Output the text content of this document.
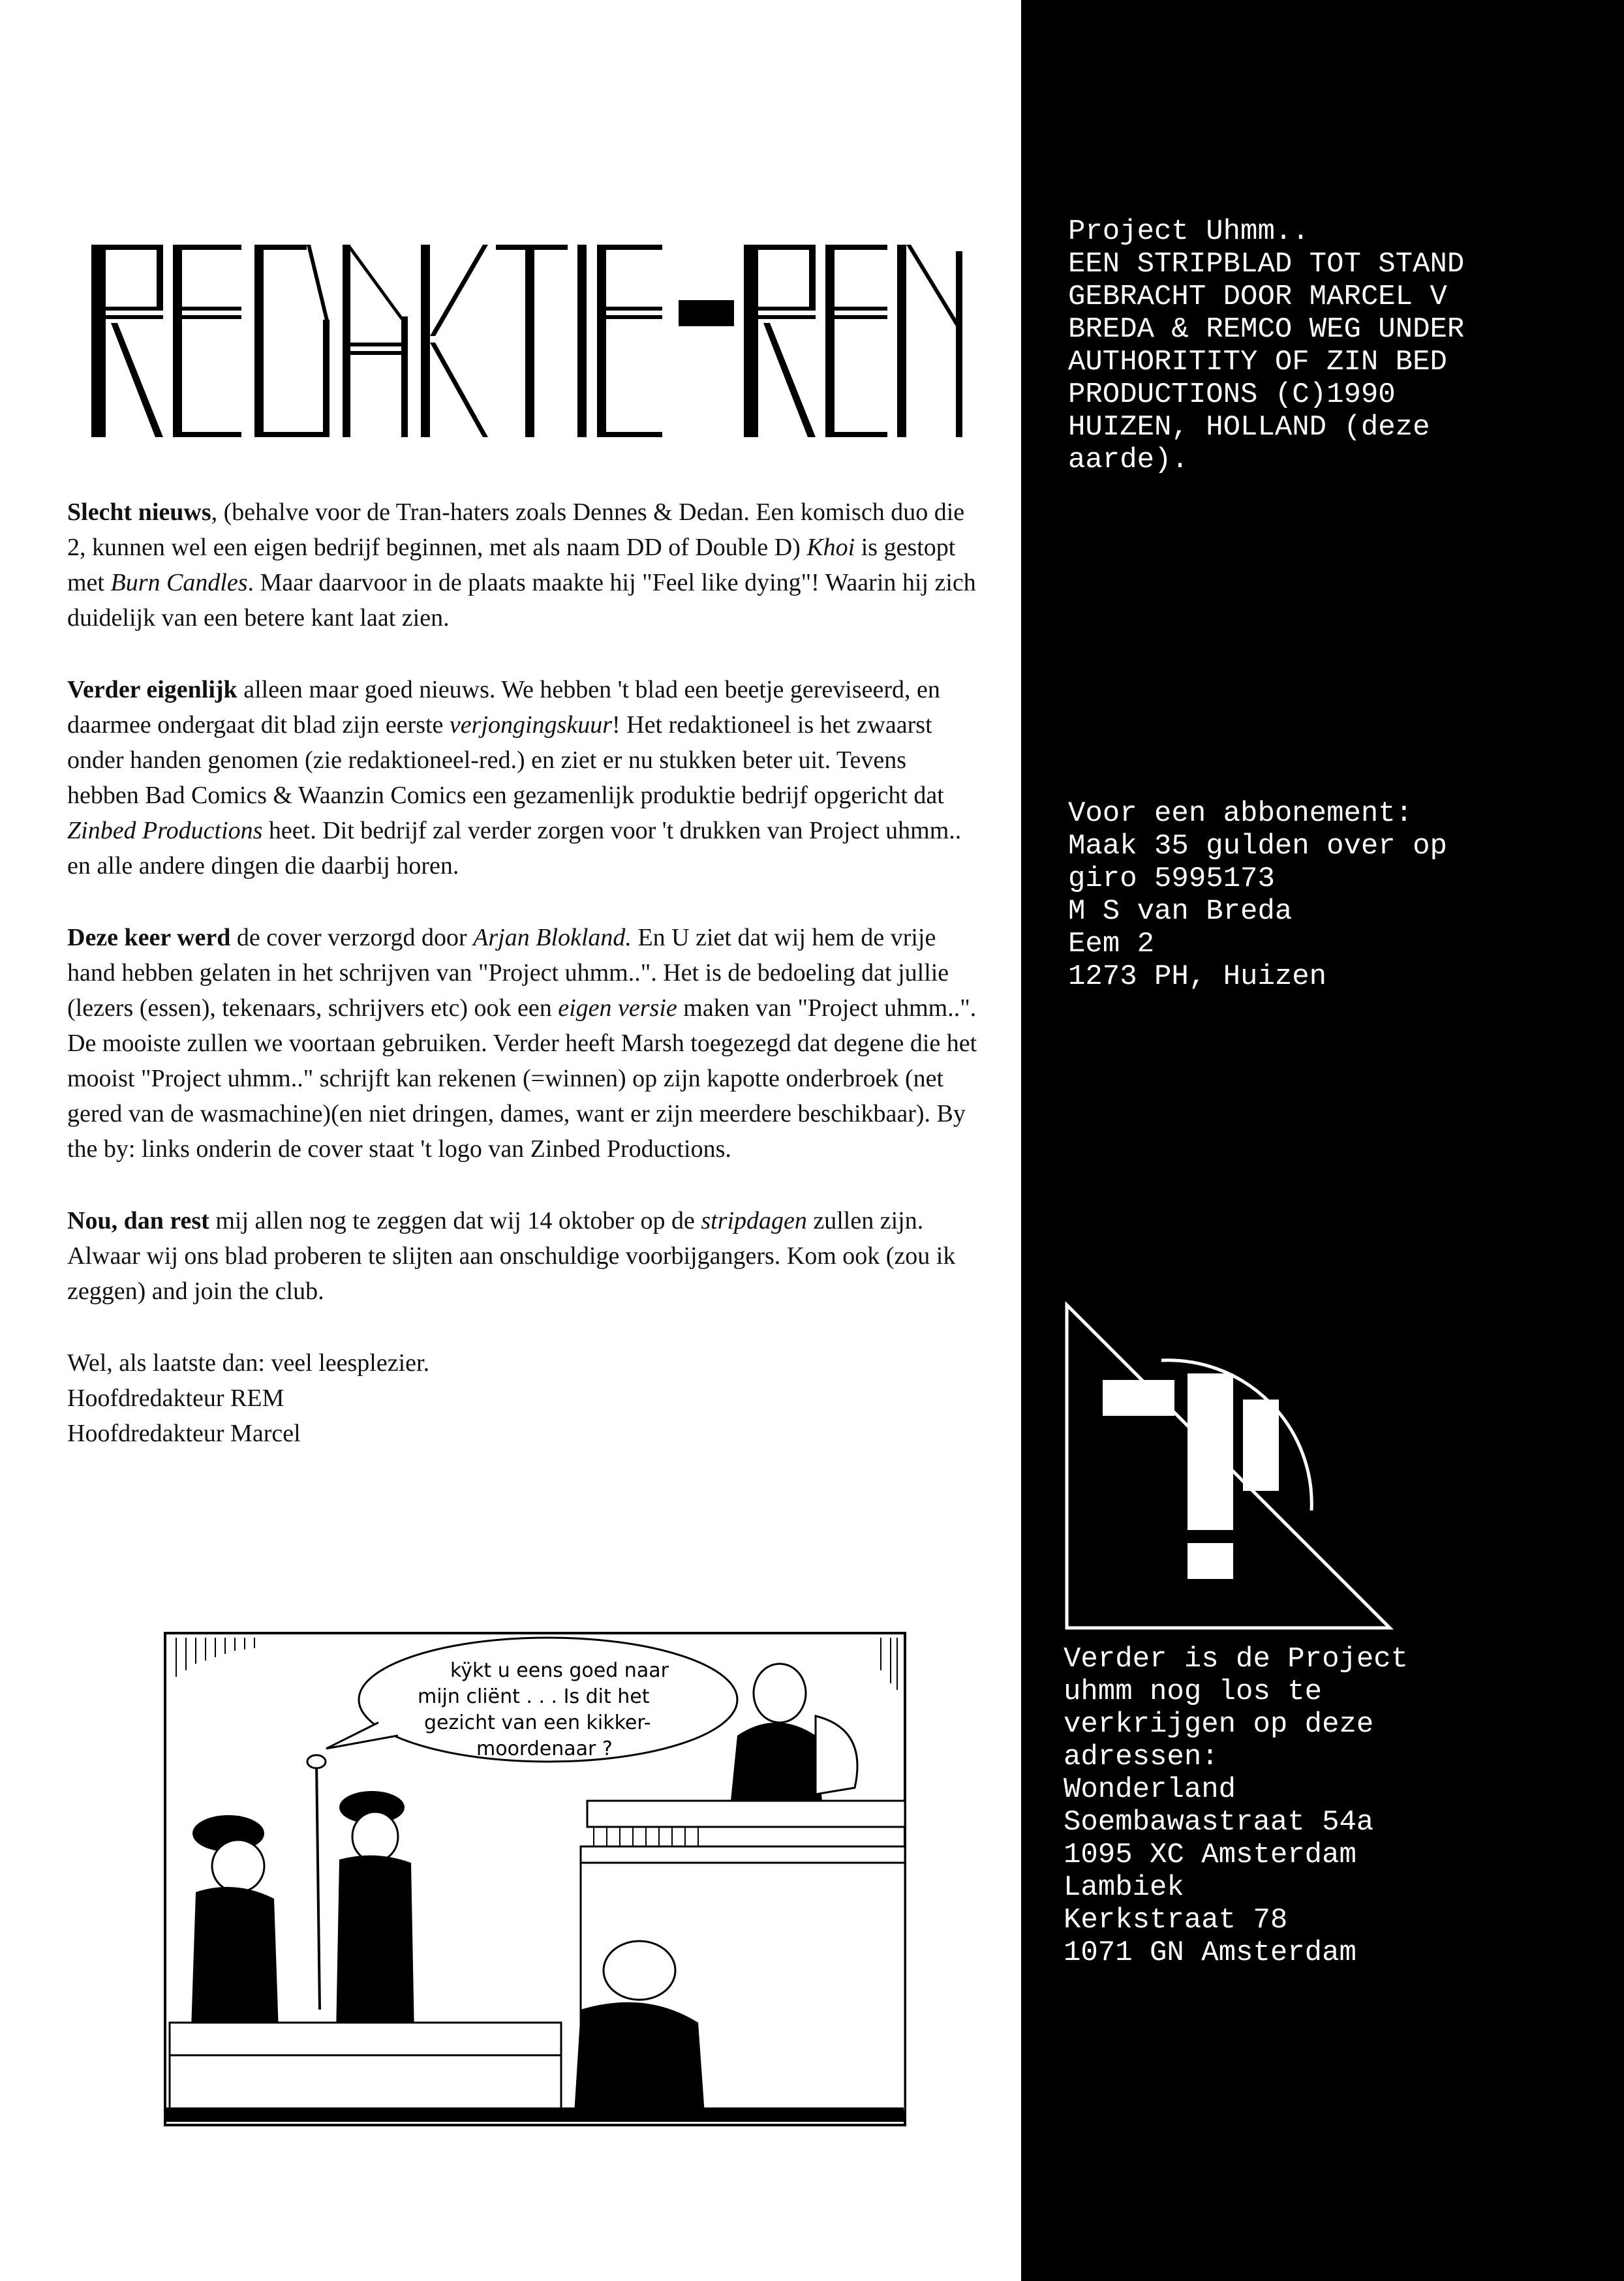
Slecht nieuws, (behalve voor de Tran-haters zoals Dennes & Dedan. Een komisch duo die 2, kunnen wel een eigen bedrijf beginnen, met als naam DD of Double D) Khoi is gestopt met Burn Candles. Maar daarvoor in de plaats maakte hij "Feel like dying"! Waarin hij zich duidelijk van een betere kant laat zien.

Verder eigenlijk alleen maar goed nieuws. We hebben 't blad een beetje gereviseerd, en daarmee ondergaat dit blad zijn eerste verjongingskuur! Het redaktioneel is het zwaarst onder handen genomen (zie redaktioneel-red.) en ziet er nu stukken beter uit. Tevens hebben Bad Comics & Waanzin Comics een gezamenlijk produktie bedrijf opgericht dat Zinbed Productions heet. Dit bedrijf zal verder zorgen voor 't drukken van Project uhmm.. en alle andere dingen die daarbij horen.

Deze keer werd de cover verzorgd door Arjan Blokland. En U ziet dat wij hem de vrije hand hebben gelaten in het schrijven van "Project uhmm..". Het is de bedoeling dat jullie (lezers (essen), tekenaars, schrijvers etc) ook een eigen versie maken van "Project uhmm..". De mooiste zullen we voortaan gebruiken. Verder heeft Marsh toegezegd dat degene die het mooist "Project uhmm.." schrijft kan rekenen (=winnen) op zijn kapotte onderbroek (net gered van de wasmachine)(en niet dringen, dames, want er zijn meerdere beschikbaar). By the by: links onderin de cover staat 't logo van Zinbed Productions.

Nou, dan rest mij allen nog te zeggen dat wij 14 oktober op de stripdagen zullen zijn. Alwaar wij ons blad proberen te slijten aan onschuldige voorbijgangers. Kom ook (zou ik zeggen) and join the club.

Wel, als laatste dan: veel leesplezier.

Hoofdredakteur REM

Hoofdredakteur Marcel

kÿkt u eens goed naar
mijn cliënt . . . Is dit het
gezicht van een kikker-
moordenaar ?
Project Uhmm..
EEN STRIPBLAD TOT STAND
GEBRACHT DOOR MARCEL V
BREDA & REMCO WEG UNDER
AUTHORITITY OF ZIN BED
PRODUCTIONS (C)1990
HUIZEN, HOLLAND (deze
aarde).
Voor een abbonement:
Maak 35 gulden over op
giro 5995173
M S van Breda
Eem 2
1273 PH, Huizen
Verder is de Project
uhmm nog los te
verkrijgen op deze
adressen:
Wonderland
Soembawastraat 54a
1095 XC Amsterdam
Lambiek
Kerkstraat 78
1071 GN Amsterdam
